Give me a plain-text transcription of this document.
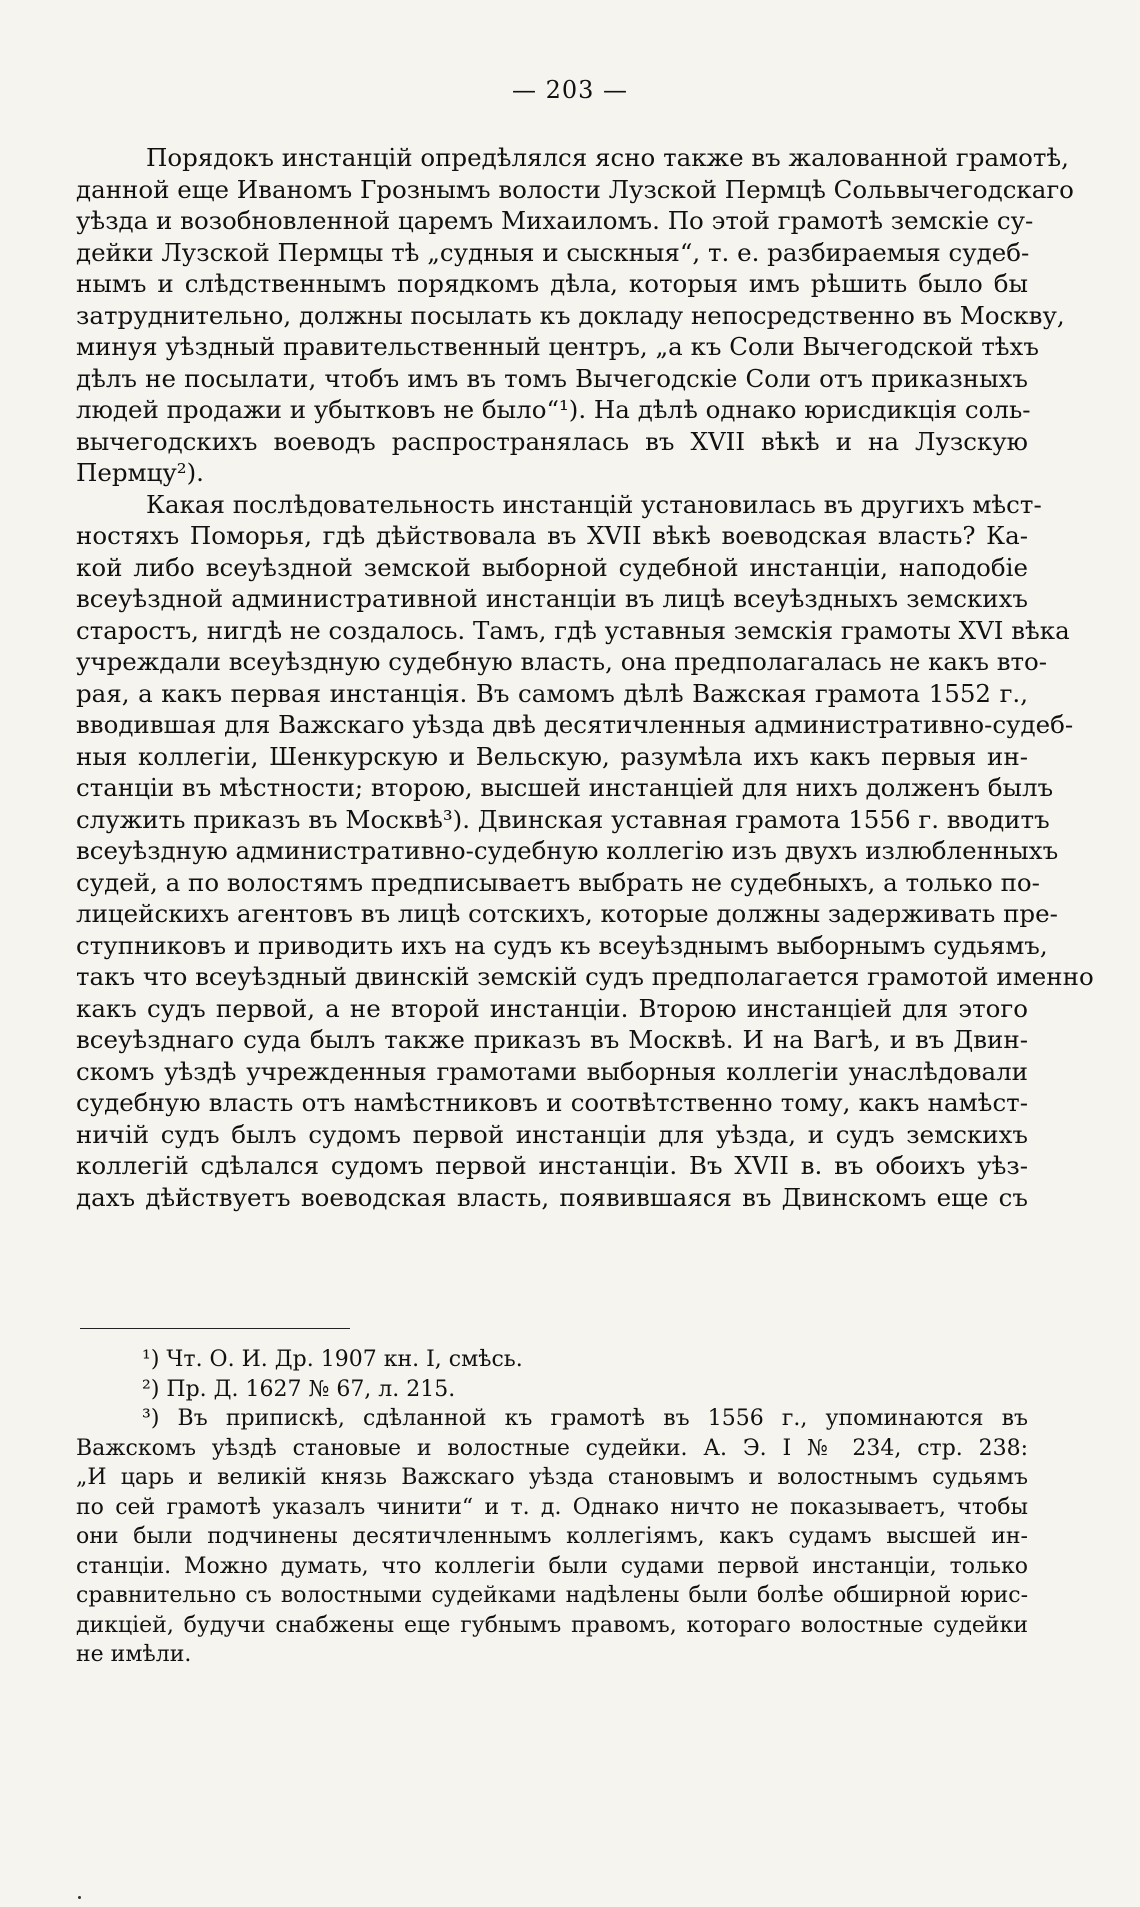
— 203 —
Порядокъ инстанцій опредѣлялся ясно также въ жалованной грамотѣ,
данной еще Иваномъ Грознымъ волости Лузской Пермцѣ Сольвычегодскаго
уѣзда и возобновленной царемъ Михаиломъ. По этой грамотѣ земскіе су-
дейки Лузской Пермцы тѣ „судныя и сыскныя“, т. е. разбираемыя судеб-
нымъ и слѣдственнымъ порядкомъ дѣла, которыя имъ рѣшить было бы
затруднительно, должны посылать къ докладу непосредственно въ Москву,
минуя уѣздный правительственный центръ, „а къ Соли Вычегодской тѣхъ
дѣлъ не посылати, чтобъ имъ въ томъ Вычегодскіе Соли отъ приказныхъ
людей продажи и убытковъ не было“¹). На дѣлѣ однако юрисдикція соль-
вычегодскихъ воеводъ распространялась въ XVII вѣкѣ и на Лузскую
Пермцу²).
Какая послѣдовательность инстанцій установилась въ другихъ мѣст-
ностяхъ Поморья, гдѣ дѣйствовала въ XVII вѣкѣ воеводская власть? Ка-
кой либо всеуѣздной земской выборной судебной инстанціи, наподобіе
всеуѣздной административной инстанціи въ лицѣ всеуѣздныхъ земскихъ
старостъ, нигдѣ не создалось. Тамъ, гдѣ уставныя земскія грамоты XVI вѣка
учреждали всеуѣздную судебную власть, она предполагалась не какъ вто-
рая, а какъ первая инстанція. Въ самомъ дѣлѣ Важская грамота 1552 г.,
вводившая для Важскаго уѣзда двѣ десятичленныя административно-судеб-
ныя коллегіи, Шенкурскую и Вельскую, разумѣла ихъ какъ первыя ин-
станціи въ мѣстности; второю, высшей инстанціей для нихъ долженъ былъ
служить приказъ въ Москвѣ³). Двинская уставная грамота 1556 г. вводитъ
всеуѣздную административно-судебную коллегію изъ двухъ излюбленныхъ
судей, а по волостямъ предписываетъ выбрать не судебныхъ, а только по-
лицейскихъ агентовъ въ лицѣ сотскихъ, которые должны задерживать пре-
ступниковъ и приводить ихъ на судъ къ всеуѣзднымъ выборнымъ судьямъ,
такъ что всеуѣздный двинскій земскій судъ предполагается грамотой именно
какъ судъ первой, а не второй инстанціи. Второю инстанціей для этого
всеуѣзднаго суда былъ также приказъ въ Москвѣ. И на Вагѣ, и въ Двин-
скомъ уѣздѣ учрежденныя грамотами выборныя коллегіи унаслѣдовали
судебную власть отъ намѣстниковъ и соотвѣтственно тому, какъ намѣст-
ничій судъ былъ судомъ первой инстанціи для уѣзда, и судъ земскихъ
коллегій сдѣлался судомъ первой инстанціи. Въ XVII в. въ обоихъ уѣз-
дахъ дѣйствуетъ воеводская власть, появившаяся въ Двинскомъ еще съ
¹) Чт. О. И. Др. 1907 кн. I, смѣсь.
²) Пр. Д. 1627 № 67, л. 215.
³) Въ припискѣ, сдѣланной къ грамотѣ въ 1556 г., упоминаются въ
Важскомъ уѣздѣ становые и волостные судейки. А. Э. I № 234, стр. 238:
„И царь и великій князь Важскаго уѣзда становымъ и волостнымъ судьямъ
по сей грамотѣ указалъ чинити“ и т. д. Однако ничто не показываетъ, чтобы
они были подчинены десятичленнымъ коллегіямъ, какъ судамъ высшей ин-
станціи. Можно думать, что коллегіи были судами первой инстанціи, только
сравнительно съ волостными судейками надѣлены были болѣе обширной юрис-
дикціей, будучи снабжены еще губнымъ правомъ, котораго волостные судейки
не имѣли.
